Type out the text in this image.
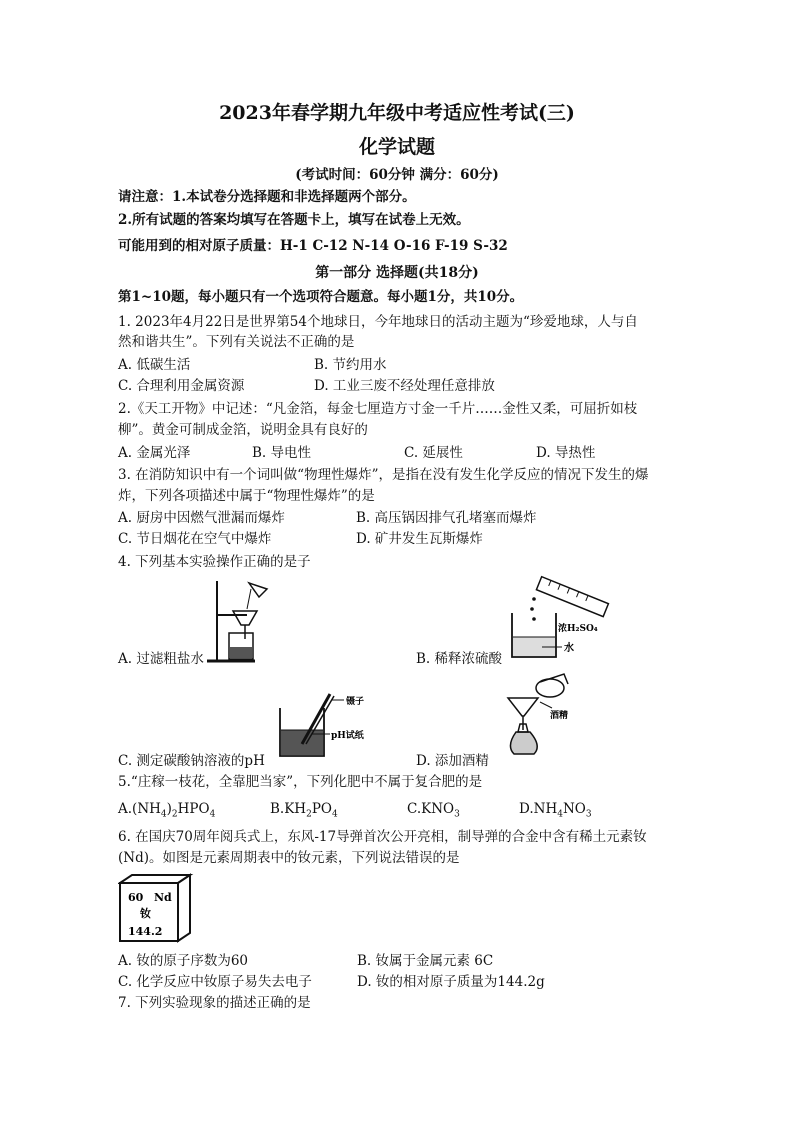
2023年春学期九年级中考适应性考试(三)
化学试题
(考试时间：60分钟 满分：60分)
请注意：1.本试卷分选择题和非选择题两个部分。
2.所有试题的答案均填写在答题卡上，填写在试卷上无效。
可能用到的相对原子质量：H-1 C-12 N-14 O-16 F-19 S-32
第一部分 选择题(共18分)
第1~10题，每小题只有一个选项符合题意。每小题1分，共10分。
1. 2023年4月22日是世界第54个地球日，今年地球日的活动主题为“珍爱地球，人与自
然和谐共生”。下列有关说法不正确的是
A. 低碳生活	B. 节约用水
C. 合理利用金属资源	D. 工业三废不经处理任意排放
2.《天工开物》中记述：“凡金箔，每金七厘造方寸金一千片……金性又柔，可屈折如枝
柳”。黄金可制成金箔，说明金具有良好的
A. 金属光泽	B. 导电性	C. 延展性	D. 导热性
3. 在消防知识中有一个词叫做“物理性爆炸”，是指在没有发生化学反应的情况下发生的爆
炸，下列各项描述中属于“物理性爆炸”的是
A. 厨房中因燃气泄漏而爆炸	B. 高压锅因排气孔堵塞而爆炸
C. 节日烟花在空气中爆炸	D. 矿井发生瓦斯爆炸
4. 下列基本实验操作正确的是子
A. 过滤粗盐水
浓H₂SO₄
水
B. 稀释浓硫酸
镊子
pH试纸
C. 测定碳酸钠溶液的pH
酒精
D. 添加酒精
5.“庄稼一枝花，全靠肥当家”，下列化肥中不属于复合肥的是
$A.(NH_4)_2HPO_4$	$B.KH_2PO_4$	$C.KNO_3$	$D.NH_4NO_3$
6. 在国庆70周年阅兵式上，东风-17导弹首次公开亮相，制导弹的合金中含有稀土元素钕
(Nd)。如图是元素周期表中的钕元素，下列说法错误的是
60 Nd
钕
144.2
A. 钕的原子序数为60	B. 钕属于金属元素 6C
C. 化学反应中钕原子易失去电子	D. 钕的相对原子质量为144.2g
7. 下列实验现象的描述正确的是
